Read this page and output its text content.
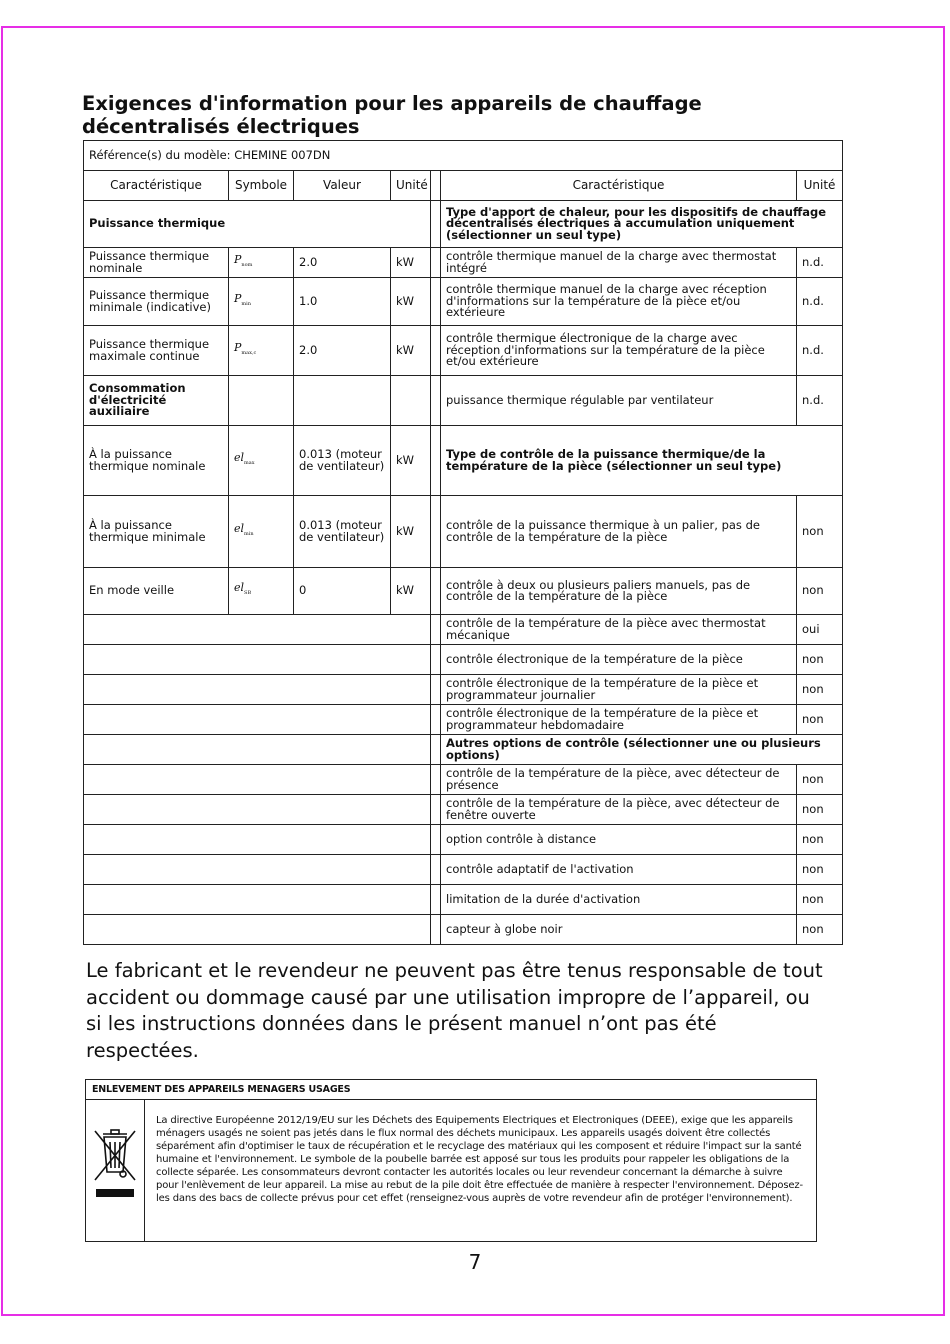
Exigences d'information pour les appareils de chauffage décentralisés électriques
Référence(s) du modèle: CHEMINE 007DN						
Caractéristique	Symbole	Valeur	Unité		Caractéristique	Unité
Puissance thermique					Type d'apport de chaleur, pour les dispositifs de chauffage décentralisés électriques à accumulation uniquement (sélectionner un seul type)	
Puissance thermique nominale	$P_{nom}$	2.0	kW		contrôle thermique manuel de la charge avec thermostat intégré	n.d.
Puissance thermique minimale (indicative)	$P_{min}$	1.0	kW		contrôle thermique manuel de la charge avec réception d'informations sur la température de la pièce et/ou extérieure	n.d.
Puissance thermique maximale continue	$P_{max,c}$	2.0	kW		contrôle thermique électronique de la charge avec réception d'informations sur la température de la pièce et/ou extérieure	n.d.
Consommation d'électricité auxiliaire					puissance thermique régulable par ventilateur	n.d.
À la puissance thermique nominale	$el_{max}$	0.013 (moteur de ventilateur)	kW		Type de contrôle de la puissance thermique/de la température de la pièce (sélectionner un seul type)	
À la puissance thermique minimale	$el_{min}$	0.013 (moteur de ventilateur)	kW		contrôle de la puissance thermique à un palier, pas de contrôle de la température de la pièce	non
En mode veille	$el_{SB}$	0	kW		contrôle à deux ou plusieurs paliers manuels, pas de contrôle de la température de la pièce	non
					contrôle de la température de la pièce avec thermostat mécanique	oui
					contrôle électronique de la température de la pièce	non
					contrôle électronique de la température de la pièce et programmateur journalier	non
					contrôle électronique de la température de la pièce et programmateur hebdomadaire	non
					Autres options de contrôle (sélectionner une ou plusieurs options)	
					contrôle de la température de la pièce, avec détecteur de présence	non
					contrôle de la température de la pièce, avec détecteur de fenêtre ouverte	non
					option contrôle à distance	non
					contrôle adaptatif de l'activation	non
					limitation de la durée d'activation	non
					capteur à globe noir	non
Le fabricant et le revendeur ne peuvent pas être tenus responsable de tout accident ou dommage causé par une utilisation impropre de l’appareil, ou si les instructions données dans le présent manuel n’ont pas été respectées.
ENLEVEMENT DES APPAREILS MENAGERS USAGES
La directive Européenne 2012/19/EU sur les Déchets des Equipements Electriques et Electroniques (DEEE), exige que les appareils ménagers usagés ne soient pas jetés dans le flux normal des déchets municipaux. Les appareils usagés doivent être collectés séparément afin d'optimiser le taux de récupération et le recyclage des matériaux qui les composent et réduire l'impact sur la santé humaine et l'environnement. Le symbole de la poubelle barrée est apposé sur tous les produits pour rappeler les obligations de la collecte séparée. Les consommateurs devront contacter les autorités locales ou leur revendeur concernant la démarche à suivre pour l'enlèvement de leur appareil. La mise au rebut de la pile doit être effectuée de manière à respecter l'environnement. Déposez-les dans des bacs de collecte prévus pour cet effet (renseignez-vous auprès de votre revendeur afin de protéger l'environnement).
7
